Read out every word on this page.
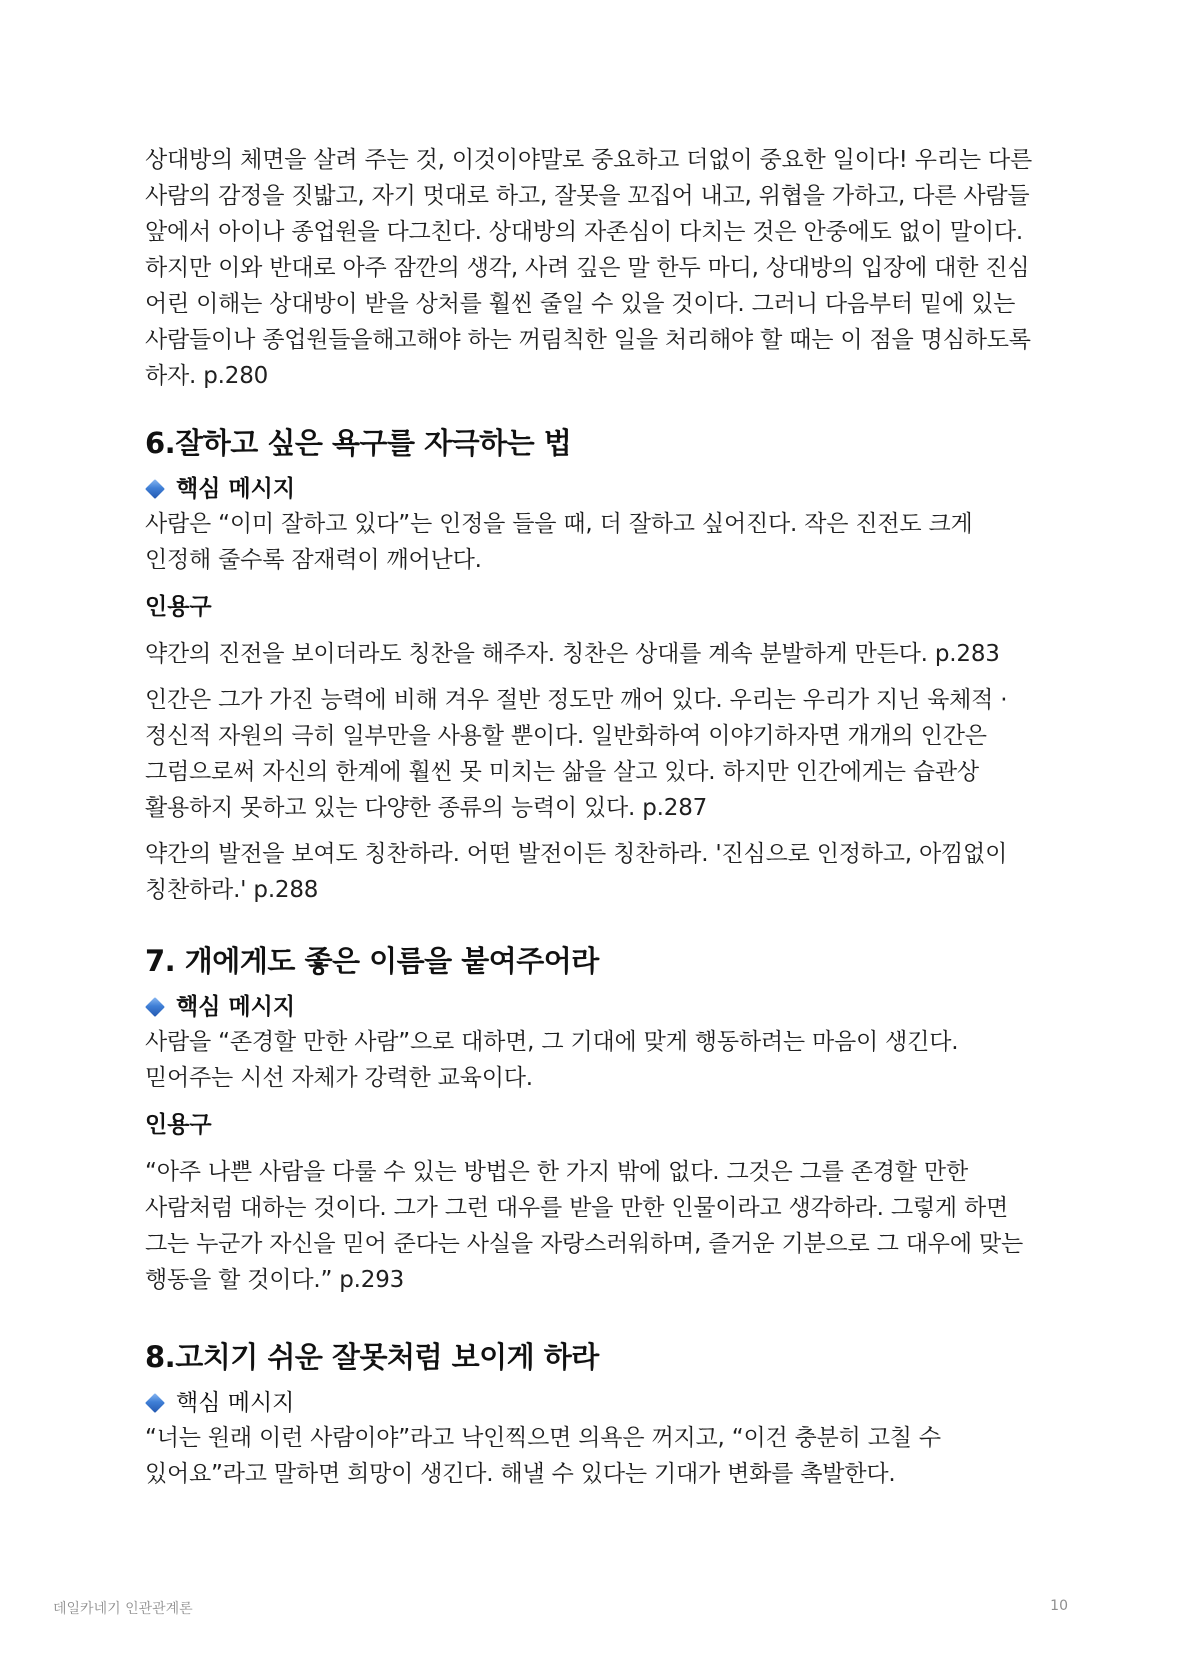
상대방의 체면을 살려 주는 것, 이것이야말로 중요하고 더없이 중요한 일이다! 우리는 다른 사람의 감정을 짓밟고, 자기 멋대로 하고, 잘못을 꼬집어 내고, 위협을 가하고, 다른 사람들 앞에서 아이나 종업원을 다그친다. 상대방의 자존심이 다치는 것은 안중에도 없이 말이다. 하지만 이와 반대로 아주 잠깐의 생각, 사려 깊은 말 한두 마디, 상대방의 입장에 대한 진심 어린 이해는 상대방이 받을 상처를 훨씬 줄일 수 있을 것이다. 그러니 다음부터 밑에 있는 사람들이나 종업원들을해고해야 하는 꺼림칙한 일을 처리해야 할 때는 이 점을 명심하도록 하자. p.280

6.잘하고 싶은 욕구를 자극하는 법
핵심 메시지

사람은 “이미 잘하고 있다”는 인정을 들을 때, 더 잘하고 싶어진다. 작은 진전도 크게 인정해 줄수록 잠재력이 깨어난다.

인용구

약간의 진전을 보이더라도 칭찬을 해주자. 칭찬은 상대를 계속 분발하게 만든다. p.283

인간은 그가 가진 능력에 비해 겨우 절반 정도만 깨어 있다. 우리는 우리가 지닌 육체적 · 정신적 자원의 극히 일부만을 사용할 뿐이다. 일반화하여 이야기하자면 개개의 인간은 그럼으로써 자신의 한계에 훨씬 못 미치는 삶을 살고 있다. 하지만 인간에게는 습관상 활용하지 못하고 있는 다양한 종류의 능력이 있다. p.287

약간의 발전을 보여도 칭찬하라. 어떤 발전이든 칭찬하라. '진심으로 인정하고, 아낌없이 칭찬하라.' p.288

7. 개에게도 좋은 이름을 붙여주어라
핵심 메시지

사람을 “존경할 만한 사람”으로 대하면, 그 기대에 맞게 행동하려는 마음이 생긴다. 믿어주는 시선 자체가 강력한 교육이다.

인용구

“아주 나쁜 사람을 다룰 수 있는 방법은 한 가지 밖에 없다. 그것은 그를 존경할 만한 사람처럼 대하는 것이다. 그가 그런 대우를 받을 만한 인물이라고 생각하라. 그렇게 하면 그는 누군가 자신을 믿어 준다는 사실을 자랑스러워하며, 즐거운 기분으로 그 대우에 맞는 행동을 할 것이다.” p.293

8.고치기 쉬운 잘못처럼 보이게 하라
핵심 메시지

“너는 원래 이런 사람이야”라고 낙인찍으면 의욕은 꺼지고, “이건 충분히 고칠 수 있어요”라고 말하면 희망이 생긴다. 해낼 수 있다는 기대가 변화를 촉발한다.

데일카네기 인관관계론	10
